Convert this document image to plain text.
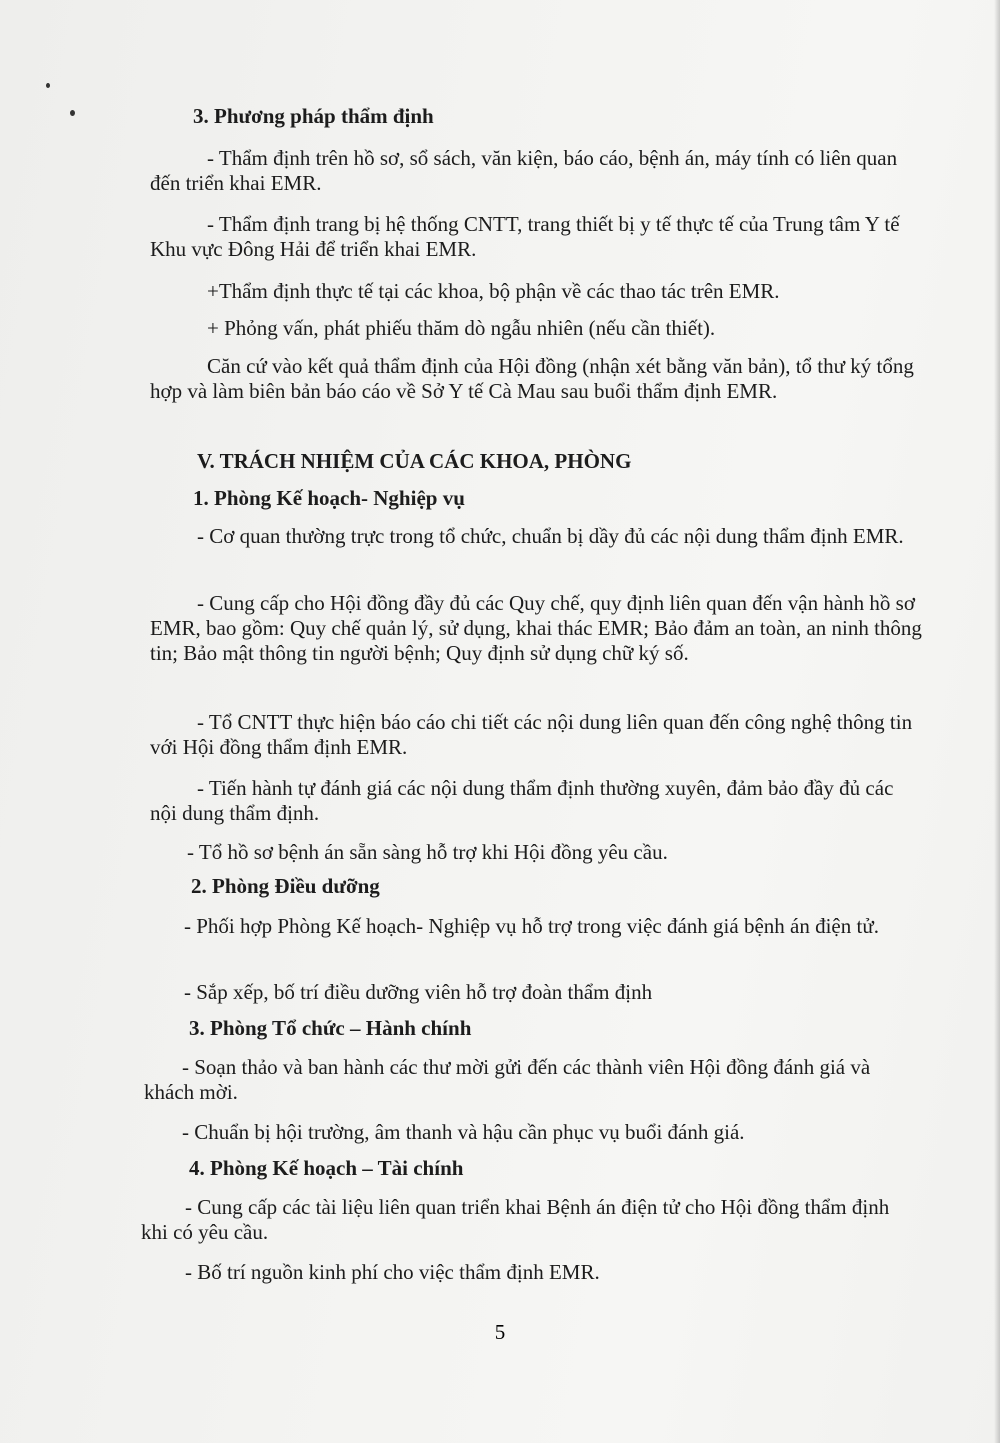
3. Phương pháp thẩm định
- Thẩm định trên hồ sơ, sổ sách, văn kiện, báo cáo, bệnh án, máy tính có liên quan đến triển khai EMR.
- Thẩm định trang bị hệ thống CNTT, trang thiết bị y tế thực tế của Trung tâm Y tế Khu vực Đông Hải để triển khai EMR.
+Thẩm định thực tế tại các khoa, bộ phận về các thao tác trên EMR.
+ Phỏng vấn, phát phiếu thăm dò ngẫu nhiên (nếu cần thiết).
Căn cứ vào kết quả thẩm định của Hội đồng (nhận xét bằng văn bản), tổ thư ký tổng hợp và làm biên bản báo cáo về Sở Y tế Cà Mau sau buổi thẩm định EMR.
V. TRÁCH NHIỆM CỦA CÁC KHOA, PHÒNG
1. Phòng Kế hoạch- Nghiệp vụ
- Cơ quan thường trực trong tổ chức, chuẩn bị dầy đủ các nội dung thẩm định EMR.
- Cung cấp cho Hội đồng đầy đủ các Quy chế, quy định liên quan đến vận hành hồ sơ EMR, bao gồm: Quy chế quản lý, sử dụng, khai thác EMR; Bảo đảm an toàn, an ninh thông tin; Bảo mật thông tin người bệnh; Quy định sử dụng chữ ký số.
- Tổ CNTT thực hiện báo cáo chi tiết các nội dung liên quan đến công nghệ thông tin với Hội đồng thẩm định EMR.
- Tiến hành tự đánh giá các nội dung thẩm định thường xuyên, đảm bảo đầy đủ các nội dung thẩm định.
- Tổ hồ sơ bệnh án sẵn sàng hỗ trợ khi Hội đồng yêu cầu.
2. Phòng Điều dưỡng
- Phối hợp Phòng Kế hoạch- Nghiệp vụ hỗ trợ trong việc đánh giá bệnh án điện tử.
- Sắp xếp, bố trí điều dưỡng viên hỗ trợ đoàn thẩm định
3. Phòng Tổ chức – Hành chính
- Soạn thảo và ban hành các thư mời gửi đến các thành viên Hội đồng đánh giá và khách mời.
- Chuẩn bị hội trường, âm thanh và hậu cần phục vụ buổi đánh giá.
4. Phòng Kế hoạch – Tài chính
- Cung cấp các tài liệu liên quan triển khai Bệnh án điện tử cho Hội đồng thẩm định khi có yêu cầu.
- Bố trí nguồn kinh phí cho việc thẩm định EMR.
5
